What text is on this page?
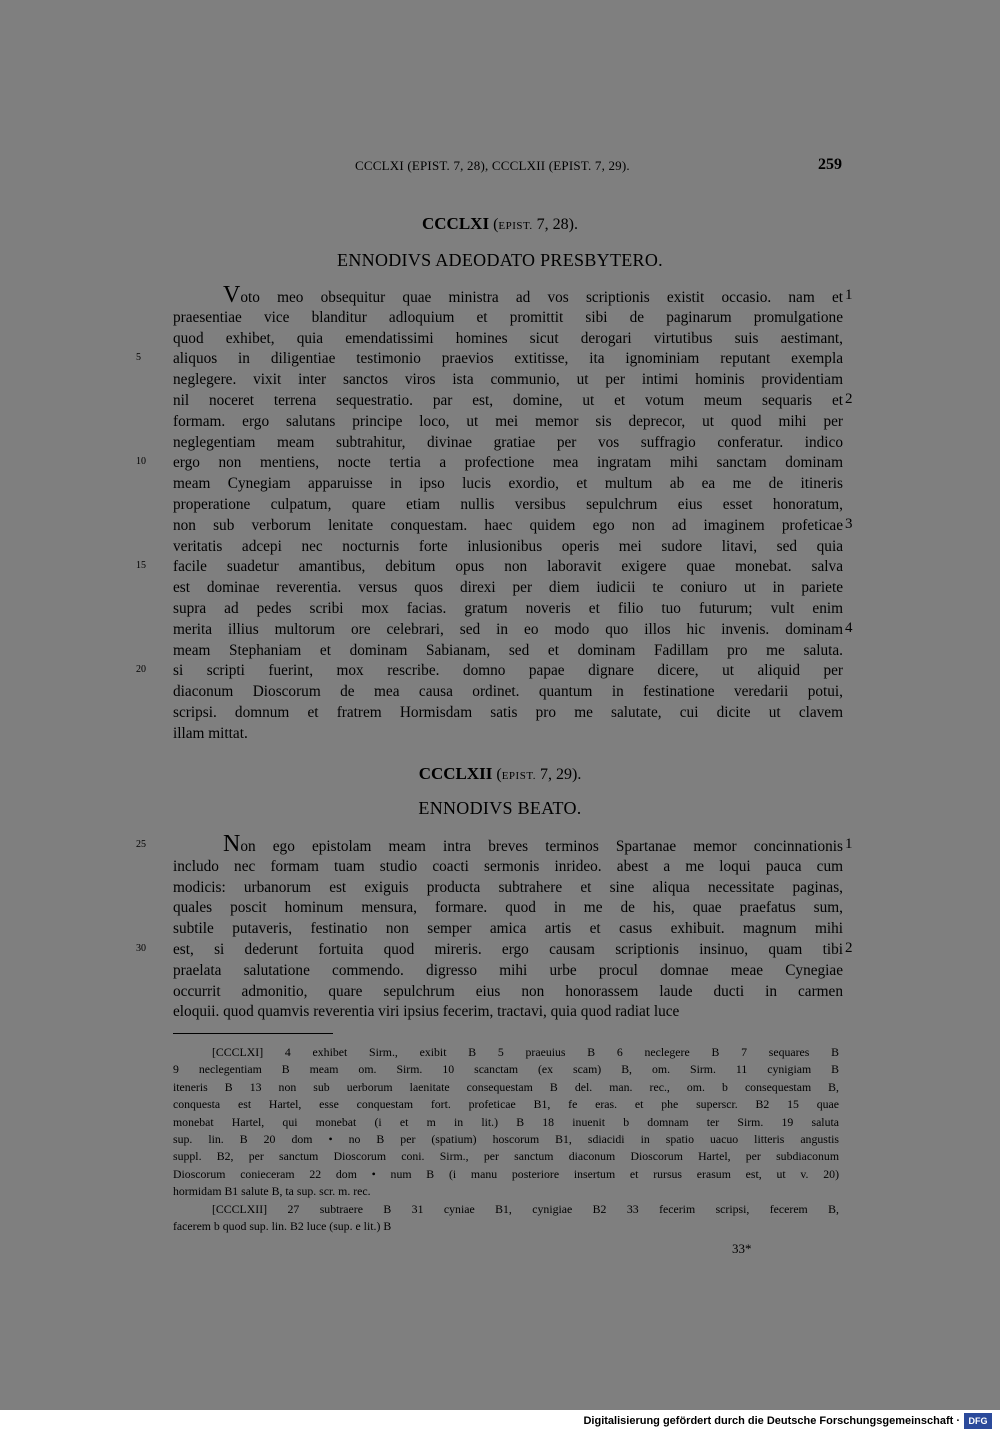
CCCLXI (EPIST. 7, 28), CCCLXII (EPIST. 7, 29).	259
CCCLXI (EPIST. 7, 28).
ENNODIVS ADEODATO PRESBYTERO.
Voto meo obsequitur quae ministra ad vos scriptionis existit occasio. nam et
praesentiae vice blanditur adloquium et promittit sibi de paginarum promulgatione
quod exhibet, quia emendatissimi homines sicut derogari virtutibus suis aestimant,
aliquos in diligentiae testimonio praevios extitisse, ita ignominiam reputant exempla
neglegere. vixit inter sanctos viros ista communio, ut per intimi hominis providentiam
nil noceret terrena sequestratio. par est, domine, ut et votum meum sequaris et
formam. ergo salutans principe loco, ut mei memor sis deprecor, ut quod mihi per
neglegentiam meam subtrahitur, divinae gratiae per vos suffragio conferatur. indico
ergo non mentiens, nocte tertia a profectione mea ingratam mihi sanctam dominam
meam Cynegiam apparuisse in ipso lucis exordio, et multum ab ea me de itineris
properatione culpatum, quare etiam nullis versibus sepulchrum eius esset honoratum,
non sub verborum lenitate conquestam. haec quidem ego non ad imaginem profeticae
veritatis adcepi nec nocturnis forte inlusionibus operis mei sudore litavi, sed quia
facile suadetur amantibus, debitum opus non laboravit exigere quae monebat. salva
est dominae reverentia. versus quos direxi per diem iudicii te coniuro ut in pariete
supra ad pedes scribi mox facias. gratum noveris et filio tuo futurum; vult enim
merita illius multorum ore celebrari, sed in eo modo quo illos hic invenis. dominam
meam Stephaniam et dominam Sabianam, sed et dominam Fadillam pro me saluta.
si scripti fuerint, mox rescribe. domno papae dignare dicere, ut aliquid per
diaconum Dioscorum de mea causa ordinet. quantum in festinatione veredarii potui,
scripsi. domnum et fratrem Hormisdam satis pro me salutate, cui dicite ut clavem
illam mittat.
5
10
15
20
1
2
3
4
CCCLXII (EPIST. 7, 29).
ENNODIVS BEATO.
Non ego epistolam meam intra breves terminos Spartanae memor concinnationis
includo nec formam tuam studio coacti sermonis inrideo. abest a me loqui pauca cum
modicis: urbanorum est exiguis producta subtrahere et sine aliqua necessitate paginas,
quales poscit hominum mensura, formare. quod in me de his, quae praefatus sum,
subtile putaveris, festinatio non semper amica artis et casus exhibuit. magnum mihi
est, si dederunt fortuita quod mireris. ergo causam scriptionis insinuo, quam tibi
praelata salutatione commendo. digresso mihi urbe procul domnae meae Cynegiae
occurrit admonitio, quare sepulchrum eius non honorassem laude ducti in carmen
eloquii. quod quamvis reverentia viri ipsius fecerim, tractavi, quia quod radiat luce
25
30
1
2
[CCCLXI] 4 exhibet Sirm., exibit B 5 praeuius B 6 neclegere B 7 sequares B
9 neclegentiam B meam om. Sirm. 10 scanctam (ex scam) B, om. Sirm. 11 cynigiam B
iteneris B 13 non sub uerborum laenitate consequestam B del. man. rec., om. b consequestam B,
conquesta est Hartel, esse conquestam fort. profeticae B1, fe eras. et phe superscr. B2 15 quae
monebat Hartel, qui monebat (i et m in lit.) B 18 inuenit b domnam ter Sirm. 19 saluta
sup. lin. B 20 dom • no B per (spatium) hoscorum B1, sdiacidi in spatio uacuo litteris angustis
suppl. B2, per sanctum Dioscorum coni. Sirm., per sanctum diaconum Dioscorum Hartel, per subdiaconum
Dioscorum conieceram 22 dom • num B (i manu posteriore insertum et rursus erasum est, ut v. 20)
hormidam B1 salute B, ta sup. scr. m. rec.
[CCCLXII] 27 subtraere B 31 cyniae B1, cynigiae B2 33 fecerim scripsi, fecerem B,
facerem b quod sup. lin. B2 luce (sup. e lit.) B
33*
Digitalisierung gefördert durch die Deutsche Forschungsgemeinschaft · DFG
